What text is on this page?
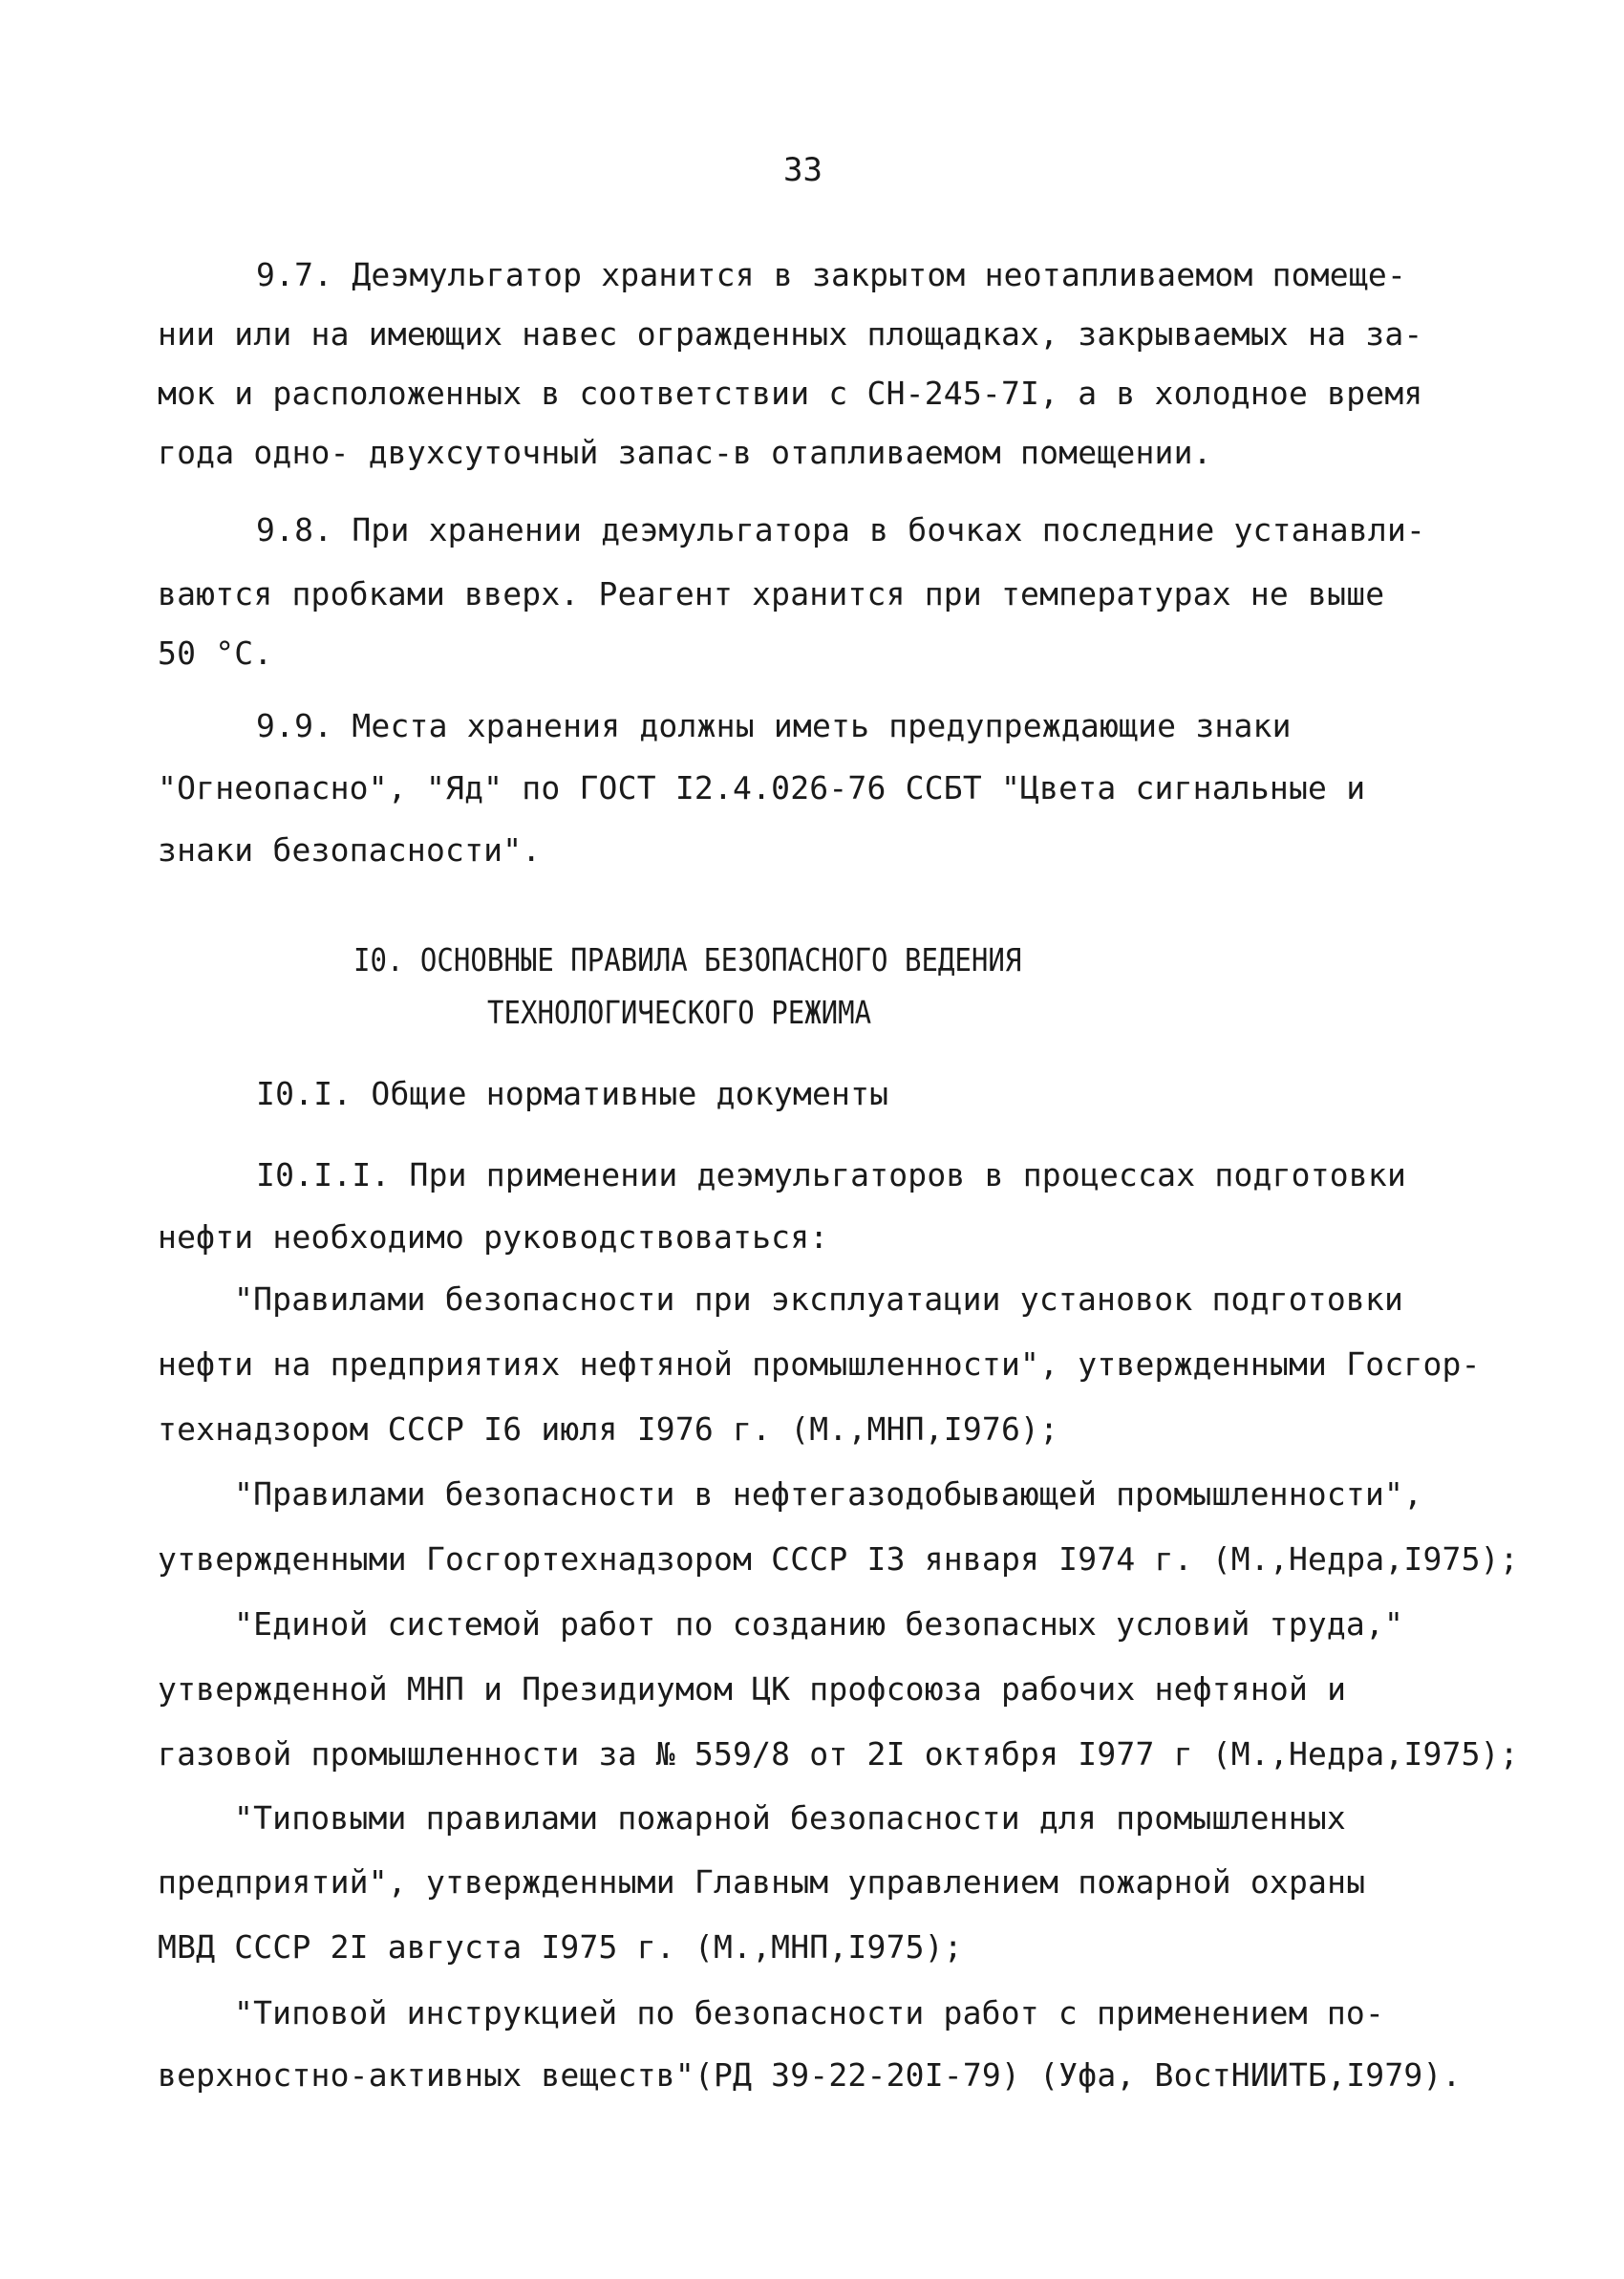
33
9.7. Деэмульгатор хранится в закрытом неотапливаемом помеще-
нии или на имеющих навес огражденных площадках, закрываемых на за-
мок и расположенных в соответствии с СН-245-7I, а в холодное время
года одно- двухсуточный запас-в отапливаемом помещении.
9.8. При хранении деэмульгатора в бочках последние устанавли-
ваются пробками вверх. Реагент хранится при температурах не выше
50 °С.
9.9. Места хранения должны иметь предупреждающие знаки
"Огнеопасно", "Яд" по ГОСТ I2.4.026-76 ССБТ "Цвета сигнальные и
знаки безопасности".
I0. ОСНОВНЫЕ ПРАВИЛА БЕЗОПАСНОГО ВЕДЕНИЯ
ТЕХНОЛОГИЧЕСКОГО РЕЖИМА
I0.I. Общие нормативные документы
I0.I.I. При применении деэмульгаторов в процессах подготовки
нефти необходимо руководствоваться:
"Правилами безопасности при эксплуатации установок подготовки
нефти на предприятиях нефтяной промышленности", утвержденными Госгор-
технадзором СССР I6 июля I976 г. (М.,МНП,I976);
"Правилами безопасности в нефтегазодобывающей промышленности",
утвержденными Госгортехнадзором СССР I3 января I974 г. (М.,Недра,I975);
"Единой системой работ по созданию безопасных условий труда,"
утвержденной МНП и Президиумом ЦК профсоюза рабочих нефтяной и
газовой промышленности за № 559/8 от 2I октября I977 г (М.,Недра,I975);
"Типовыми правилами пожарной безопасности для промышленных
предприятий", утвержденными Главным управлением пожарной охраны
МВД СССР 2I августа I975 г. (М.,МНП,I975);
"Типовой инструкцией по безопасности работ с применением по-
верхностно-активных веществ"(РД 39-22-20I-79) (Уфа, ВостНИИТБ,I979).
